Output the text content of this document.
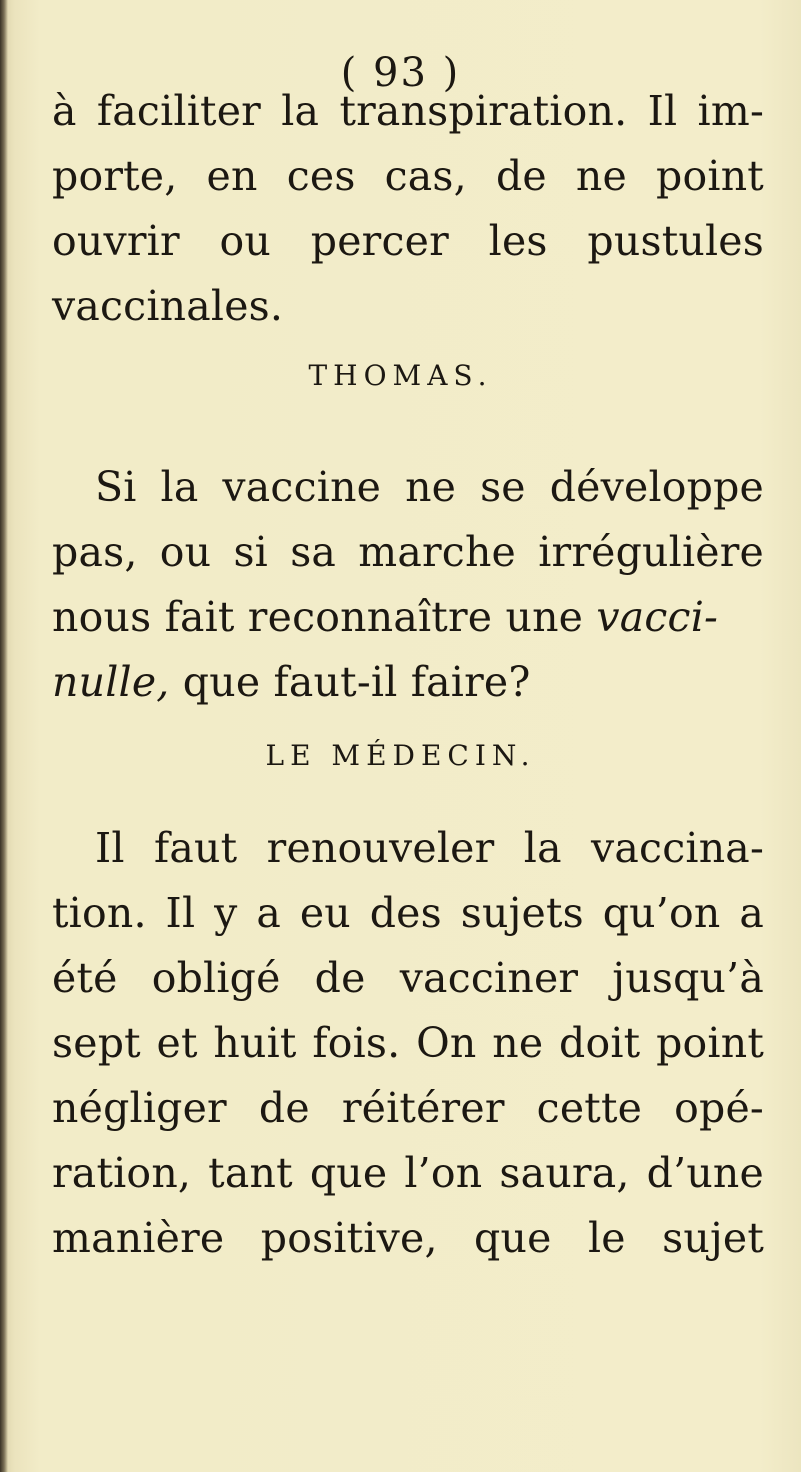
( 93 )
à faciliter la transpiration. Il im-
porte, en ces cas, de ne point
ouvrir ou percer les pustules
vaccinales.
THOMAS.
Si la vaccine ne se développe
pas, ou si sa marche irrégulière
nous fait reconnaître une vacci-
nulle, que faut-il faire?
LE MÉDECIN.
Il faut renouveler la vaccina-
tion. Il y a eu des sujets qu’on a
été obligé de vacciner jusqu’à
sept et huit fois. On ne doit point
négliger de réitérer cette opé-
ration, tant que l’on saura, d’une
manière positive, que le sujet
